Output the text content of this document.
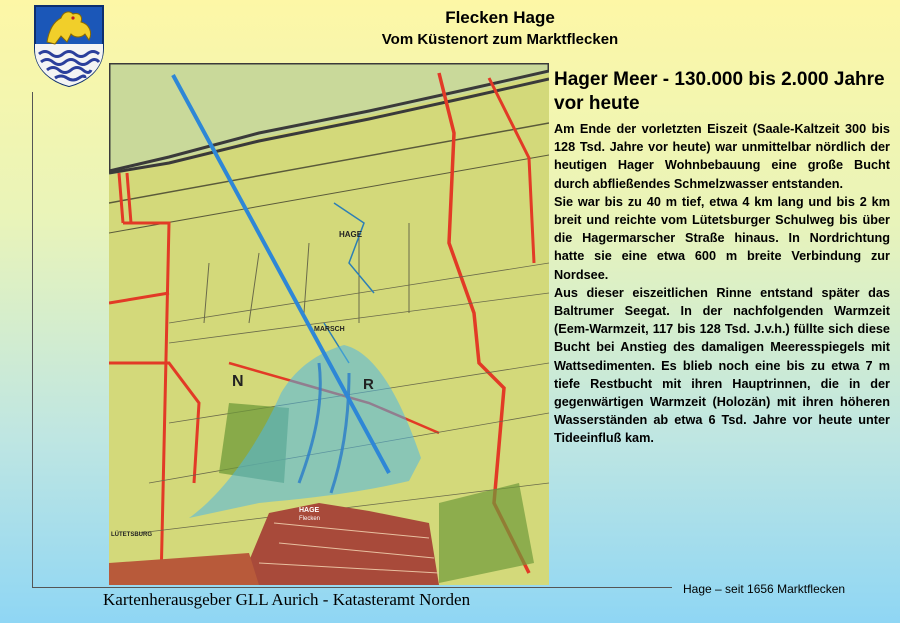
Flecken Hage
Vom Küstenort zum Marktflecken
HAGE
MARSCH
N	R
HAGE
Flecken
LÜTETSBURG
Hager Meer - 130.000 bis 2.000 Jahre vor heute

Am Ende der vorletzten Eiszeit (Saale-Kaltzeit 300 bis 128 Tsd. Jahre vor heute) war unmittelbar nördlich der heutigen Hager Wohnbebauung eine große Bucht durch abfließendes Schmelzwasser entstanden.

Sie war bis zu 40 m tief, etwa 4 km lang und bis 2 km breit und reichte vom Lütetsburger Schulweg bis über die Hagermarscher Straße hinaus. In Nordrichtung hatte sie eine etwa 600 m breite Verbindung zur Nordsee.

Aus dieser eiszeitlichen Rinne entstand später das Baltrumer Seegat. In der nachfolgenden Warmzeit (Eem-Warmzeit, 117 bis 128 Tsd. J.v.h.) füllte sich diese Bucht bei Anstieg des damaligen Meeresspiegels mit Wattsedimenten. Es blieb noch eine bis zu etwa 7 m tiefe Restbucht mit ihren Hauptrinnen, die in der gegenwärtigen Warmzeit (Holozän) mit ihren höheren Wasserständen ab etwa 6 Tsd. Jahre vor heute unter Tideeinfluß kam.

Hage – seit 1656 Marktflecken
Kartenherausgeber GLL Aurich - Katasteramt Norden
